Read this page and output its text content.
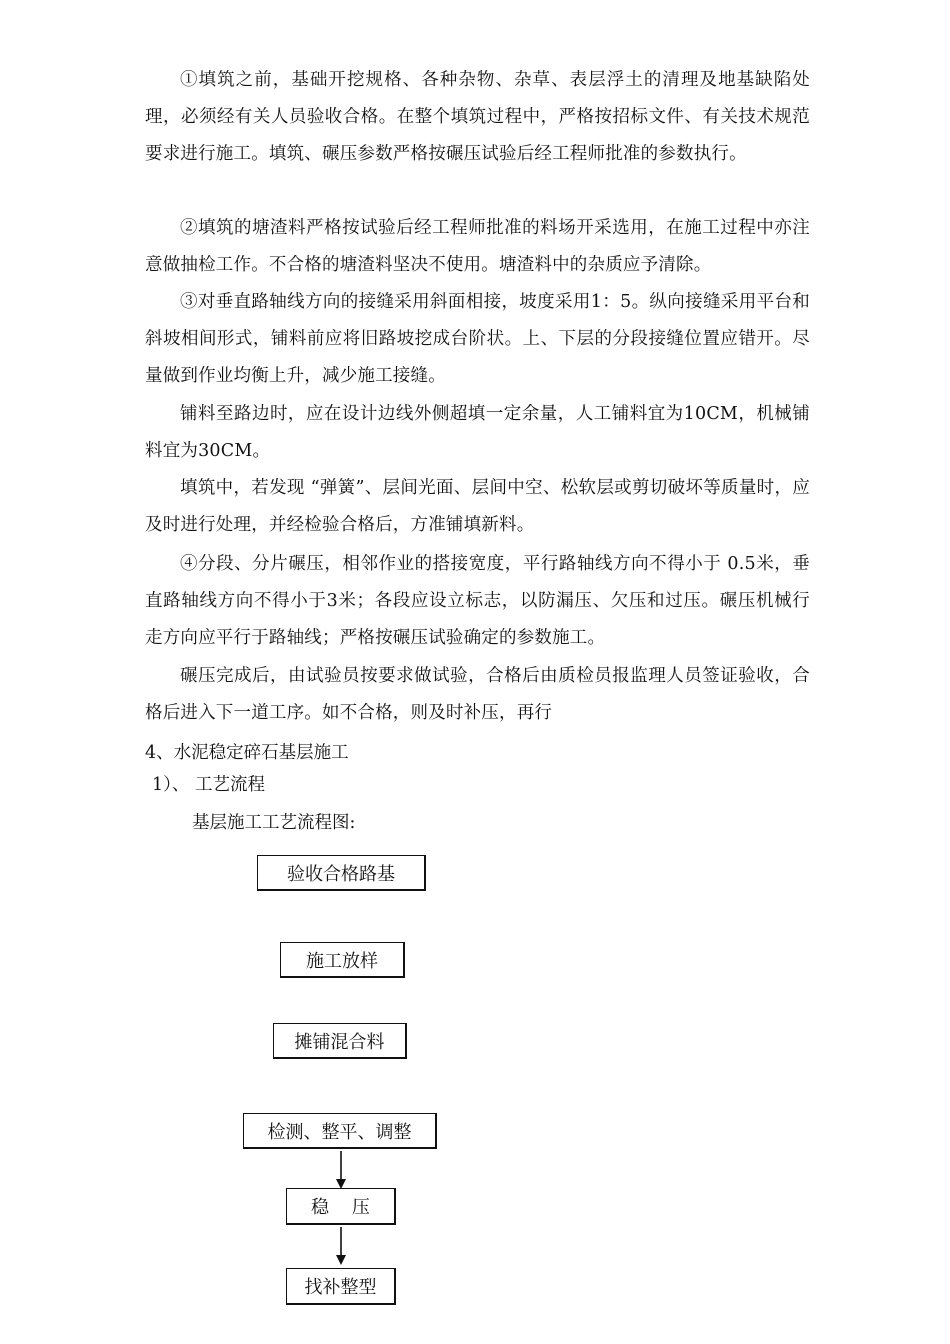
①填筑之前，基础开挖规格、各种杂物、杂草、表层浮土的清理及地基缺陷处理，必须经有关人员验收合格。在整个填筑过程中，严格按招标文件、有关技术规范要求进行施工。填筑、碾压参数严格按碾压试验后经工程师批准的参数执行。

②填筑的塘渣料严格按试验后经工程师批准的料场开采选用，在施工过程中亦注意做抽检工作。不合格的塘渣料坚决不使用。塘渣料中的杂质应予清除。

③对垂直路轴线方向的接缝采用斜面相接，坡度采用1：5。纵向接缝采用平台和斜坡相间形式，铺料前应将旧路坡挖成台阶状。上、下层的分段接缝位置应错开。尽量做到作业均衡上升，减少施工接缝。

铺料至路边时，应在设计边线外侧超填一定余量，人工铺料宜为10CM，机械铺料宜为30CM。

填筑中，若发现 “弹簧”、层间光面、层间中空、松软层或剪切破坏等质量时，应及时进行处理，并经检验合格后，方准铺填新料。

④分段、分片碾压，相邻作业的搭接宽度，平行路轴线方向不得小于 0.5米，垂直路轴线方向不得小于3米；各段应设立标志，以防漏压、欠压和过压。碾压机械行走方向应平行于路轴线；严格按碾压试验确定的参数施工。

碾压完成后，由试验员按要求做试验，合格后由质检员报监理人员签证验收，合格后进入下一道工序。如不合格，则及时补压，再行

4、水泥稳定碎石基层施工

1）、 工艺流程

基层施工工艺流程图:

验收合格路基
施工放样
摊铺混合料
检测、整平、调整
稳    压
找补整型
